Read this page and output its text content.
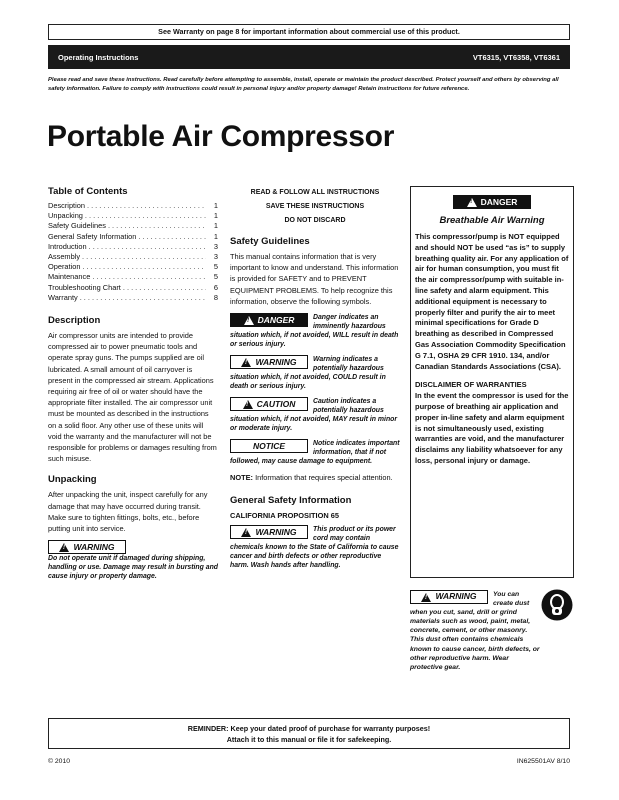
See Warranty on page 8 for important information about commercial use of this product.
Operating Instructions	VT6315, VT6358, VT6361
Please read and save these instructions. Read carefully before attempting to assemble, install, operate or maintain the product described. Protect yourself and others by observing all safety information. Failure to comply with instructions could result in personal injury and/or property damage! Retain instructions for future reference.
Portable Air Compressor
Table of Contents
Description . . .	1
Unpacking . . .	1
Safety Guidelines . . .	1
General Safety Information . . .	1
Introduction . . .	3
Assembly . . .	3
Operation . . .	5
Maintenance . . .	5
Troubleshooting Chart . . .	6
Warranty . . .	8
Description

Air compressor units are intended to provide compressed air to power pneumatic tools and operate spray guns. The pumps supplied are oil lubricated. A small amount of oil carryover is present in the compressed air stream. Applications requiring air free of oil or water should have the appropriate filter installed. The air compressor unit must be mounted as described in the instructions on a solid floor. Any other use of these units will void the warranty and the manufacturer will not be responsible for problems or damages resulting from such misuse.

Unpacking

After unpacking the unit, inspect carefully for any damage that may have occurred during transit. Make sure to tighten fittings, bolts, etc., before putting unit into service.

!
WARNING
Do not operate unit if damaged during shipping, handling or use. Damage may result in bursting and cause injury or property damage.
READ & FOLLOW ALL INSTRUCTIONS
SAVE THESE INSTRUCTIONS
DO NOT DISCARD
Safety Guidelines

This manual contains information that is very important to know and understand. This information is provided for SAFETY and to PREVENT EQUIPMENT PROBLEMS. To help recognize this information, observe the following symbols.

!
DANGER	Danger indicates an imminently hazardous situation which, if not avoided, WILL result in death or serious injury.
!
WARNING Warning indicates a potentially hazardous situation which, if not avoided, COULD result in death or serious injury.
!
CAUTION	Caution indicates a potentially hazardous situation which, if not avoided, MAY result in minor or moderate injury.
NOTICE	Notice indicates important information, that if not followed, may cause damage to equipment.

NOTE: Information that requires special attention.

General Safety Information
CALIFORNIA PROPOSITION 65
!
WARNING This product or its power cord may contain chemicals known to the State of California to cause cancer and birth defects or other reproductive harm. Wash hands after handling.
!
DANGER
Breathable Air Warning
This compressor/pump is NOT equipped and should NOT be used “as is” to supply breathing quality air. For any application of air for human consumption, you must fit the air compressor/pump with suitable in-line safety and alarm equipment. This additional equipment is necessary to properly filter and purify the air to meet minimal specifications for Grade D breathing as described in Compressed Gas Association Commodity Specification G 7.1, OSHA 29 CFR 1910. 134, and/or Canadian Standards Associations (CSA).
DISCLAIMER OF WARRANTIES
In the event the compressor is used for the purpose of breathing air application and proper in-line safety and alarm equipment is not simultaneously used, existing warranties are void, and the manufacturer disclaims any liability whatsoever for any loss, personal injury or damage.
!
WARNING	You can create dust when you cut, sand, drill or grind materials such as wood, paint, metal, concrete, cement, or other masonry. This dust often contains chemicals known to cause cancer, birth defects, or other reproductive harm. Wear protective gear.
REMINDER: Keep your dated proof of purchase for warranty purposes!
Attach it to this manual or file it for safekeeping.
© 2010	IN625501AV 8/10
